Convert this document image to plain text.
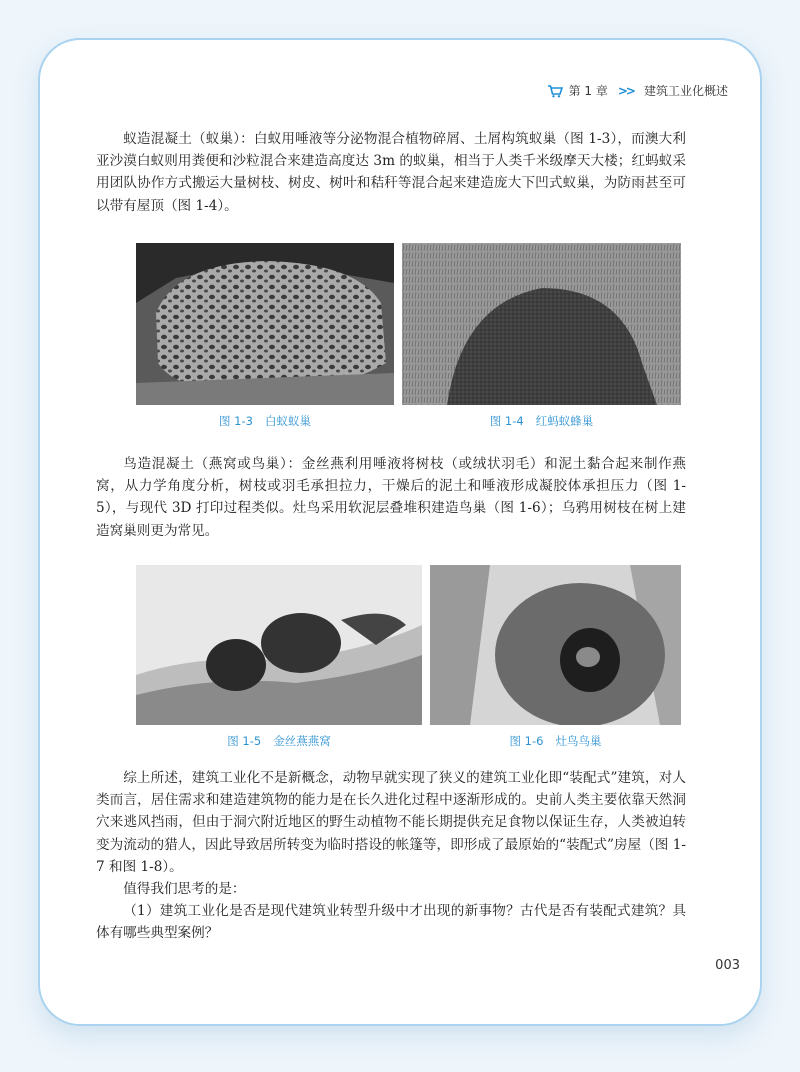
第 1 章 >> 建筑工业化概述

蚁造混凝土（蚁巢）：白蚁用唾液等分泌物混合植物碎屑、土屑构筑蚁巢（图 1-3），而澳大利亚沙漠白蚁则用粪便和沙粒混合来建造高度达 3m 的蚁巢，相当于人类千米级摩天大楼；红蚂蚁采用团队协作方式搬运大量树枝、树皮、树叶和秸秆等混合起来建造庞大下凹式蚁巢，为防雨甚至可以带有屋顶（图 1-4）。

图 1-3 白蚁蚁巢	图 1-4 红蚂蚁蜂巢

鸟造混凝土（燕窝或鸟巢）：金丝燕利用唾液将树枝（或绒状羽毛）和泥土黏合起来制作燕窝，从力学角度分析，树枝或羽毛承担拉力，干燥后的泥土和唾液形成凝胶体承担压力（图 1-5），与现代 3D 打印过程类似。灶鸟采用软泥层叠堆积建造鸟巢（图 1-6）；乌鸦用树枝在树上建造窝巢则更为常见。

图 1-5 金丝燕燕窝	图 1-6 灶鸟鸟巢

综上所述，建筑工业化不是新概念，动物早就实现了狭义的建筑工业化即“装配式”建筑，对人类而言，居住需求和建造建筑物的能力是在长久进化过程中逐渐形成的。史前人类主要依靠天然洞穴来逃风挡雨，但由于洞穴附近地区的野生动植物不能长期提供充足食物以保证生存，人类被迫转变为流动的猎人，因此导致居所转变为临时搭设的帐篷等，即形成了最原始的“装配式”房屋（图 1-7 和图 1-8）。

值得我们思考的是：

（1）建筑工业化是否是现代建筑业转型升级中才出现的新事物？古代是否有装配式建筑？具体有哪些典型案例？

003
